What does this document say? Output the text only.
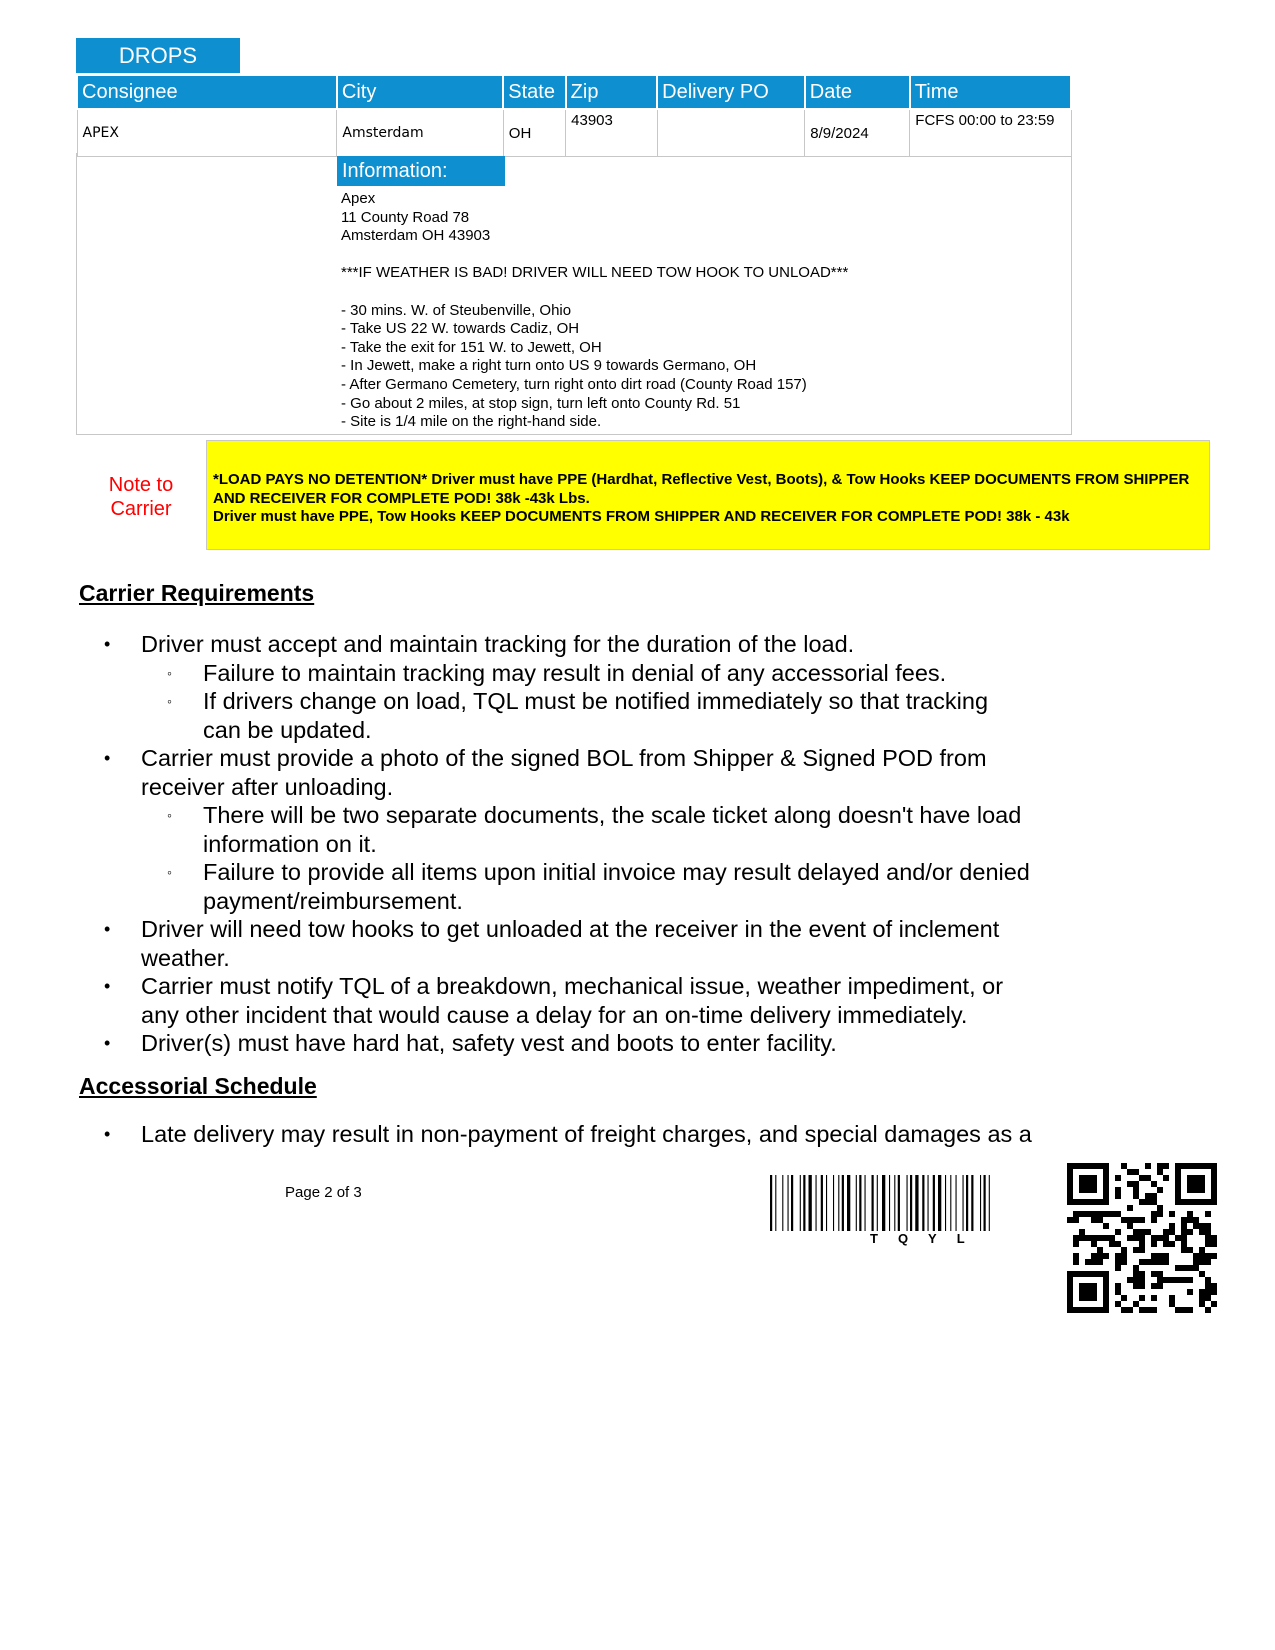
DROPS
Consignee	City	State	Zip	Delivery PO	Date	Time
APEX	Amsterdam	OH	43903		8/9/2024	FCFS 00:00 to 23:59
Information:
Apex
11 County Road 78
Amsterdam OH 43903

***IF WEATHER IS BAD! DRIVER WILL NEED TOW HOOK TO UNLOAD***

- 30 mins. W. of Steubenville, Ohio
- Take US 22 W. towards Cadiz, OH
- Take the exit for 151 W. to Jewett, OH
- In Jewett, make a right turn onto US 9 towards Germano, OH
- After Germano Cemetery, turn right onto dirt road (County Road 157)
- Go about 2 miles, at stop sign, turn left onto County Rd. 51
- Site is 1/4 mile on the right-hand side.
Note to Carrier

*LOAD PAYS NO DETENTION* Driver must have PPE (Hardhat, Reflective Vest, Boots), & Tow Hooks KEEP DOCUMENTS FROM SHIPPER AND RECEIVER FOR COMPLETE POD! 38k -43k Lbs.

Driver must have PPE, Tow Hooks KEEP DOCUMENTS FROM SHIPPER AND RECEIVER FOR COMPLETE POD! 38k - 43k

Carrier Requirements
• Driver must accept and maintain tracking for the duration of the load.
◦ Failure to maintain tracking may result in denial of any accessorial fees.
◦ If drivers change on load, TQL must be notified immediately so that tracking can be updated.
• Carrier must provide a photo of the signed BOL from Shipper & Signed POD from receiver after unloading.
◦ There will be two separate documents, the scale ticket along doesn't have load information on it.
◦ Failure to provide all items upon initial invoice may result delayed and/or denied payment/reimbursement.
• Driver will need tow hooks to get unloaded at the receiver in the event of inclement weather.
• Carrier must notify TQL of a breakdown, mechanical issue, weather impediment, or any other incident that would cause a delay for an on-time delivery immediately.
• Driver(s) must have hard hat, safety vest and boots to enter facility.
Accessorial Schedule
• Late delivery may result in non-payment of freight charges, and special damages as a
Page 2 of 3
TQYL
